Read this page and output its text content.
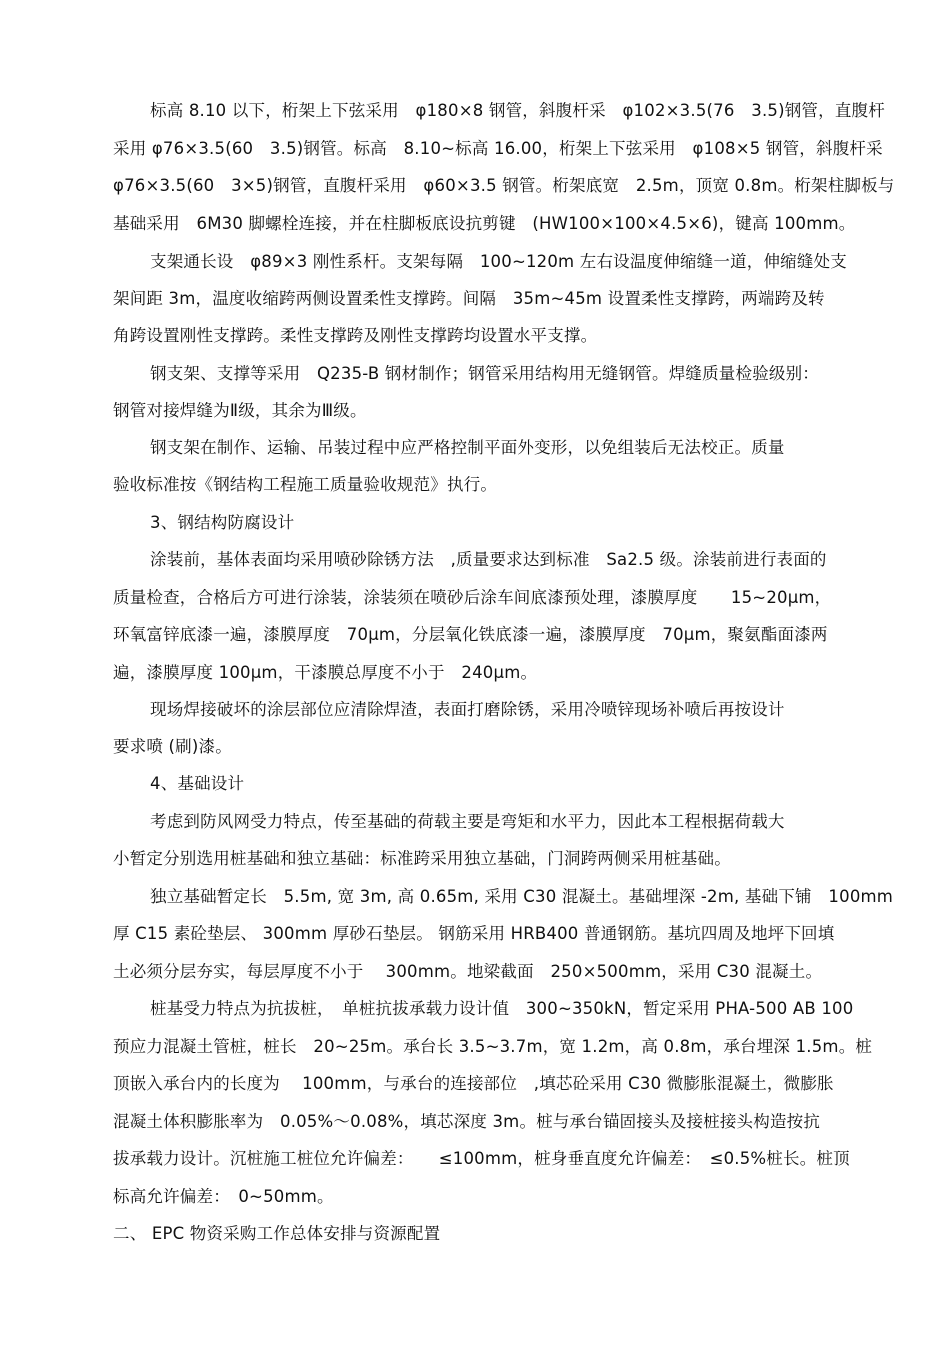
标高 8.10 以下，桁架上下弦采用　φ180×8 钢管，斜腹杆采　φ102×3.5(76　3.5)钢管，直腹杆
采用 φ76×3.5(60　3.5)钢管。标高　8.10~标高 16.00，桁架上下弦采用　φ108×5 钢管，斜腹杆采
φ76×3.5(60　3×5)钢管，直腹杆采用　φ60×3.5 钢管。桁架底宽　2.5m，顶宽 0.8m。桁架柱脚板与
基础采用　6M30 脚螺栓连接，并在柱脚板底设抗剪键　(HW100×100×4.5×6)，键高 100mm。
支架通长设　φ89×3 刚性系杆。支架每隔　100~120m 左右设温度伸缩缝一道，伸缩缝处支
架间距 3m，温度收缩跨两侧设置柔性支撑跨。间隔　35m~45m 设置柔性支撑跨，两端跨及转
角跨设置刚性支撑跨。柔性支撑跨及刚性支撑跨均设置水平支撑。
钢支架、支撑等采用　Q235-B 钢材制作；钢管采用结构用无缝钢管。焊缝质量检验级别：
钢管对接焊缝为Ⅱ级，其余为Ⅲ级。
钢支架在制作、运输、吊装过程中应严格控制平面外变形，以免组装后无法校正。质量
验收标准按《钢结构工程施工质量验收规范》执行。
3、钢结构防腐设计
涂装前，基体表面均采用喷砂除锈方法　,质量要求达到标准　Sa2.5 级。涂装前进行表面的
质量检查，合格后方可进行涂装，涂装须在喷砂后涂车间底漆预处理，漆膜厚度　　15~20μm，
环氧富锌底漆一遍，漆膜厚度　70μm，分层氧化铁底漆一遍，漆膜厚度　70μm，聚氨酯面漆两
遍，漆膜厚度 100μm，干漆膜总厚度不小于　240μm。
现场焊接破坏的涂层部位应清除焊渣，表面打磨除锈，采用冷喷锌现场补喷后再按设计
要求喷 (刷)漆。
4、基础设计
考虑到防风网受力特点，传至基础的荷载主要是弯矩和水平力，因此本工程根据荷载大
小暂定分别选用桩基础和独立基础：标准跨采用独立基础，门洞跨两侧采用桩基础。
独立基础暂定长　5.5m, 宽 3m, 高 0.65m, 采用 C30 混凝土。基础埋深 -2m, 基础下铺　100mm
厚 C15 素砼垫层、 300mm 厚砂石垫层。 钢筋采用 HRB400 普通钢筋。基坑四周及地坪下回填
土必须分层夯实，每层厚度不小于　 300mm。地梁截面　250×500mm，采用 C30 混凝土。
桩基受力特点为抗拔桩，　单桩抗拔承载力设计值　300~350kN，暂定采用 PHA-500 AB 100
预应力混凝土管桩，桩长　20~25m。承台长 3.5~3.7m，宽 1.2m，高 0.8m，承台埋深 1.5m。桩
顶嵌入承台内的长度为　 100mm，与承台的连接部位　,填芯砼采用 C30 微膨胀混凝土，微膨胀
混凝土体积膨胀率为　0.05%～0.08%，填芯深度 3m。桩与承台锚固接头及接桩接头构造按抗
拔承载力设计。沉桩施工桩位允许偏差：　　≤100mm，桩身垂直度允许偏差：　≤0.5%桩长。桩顶
标高允许偏差：　0~50mm。
二、 EPC 物资采购工作总体安排与资源配置
